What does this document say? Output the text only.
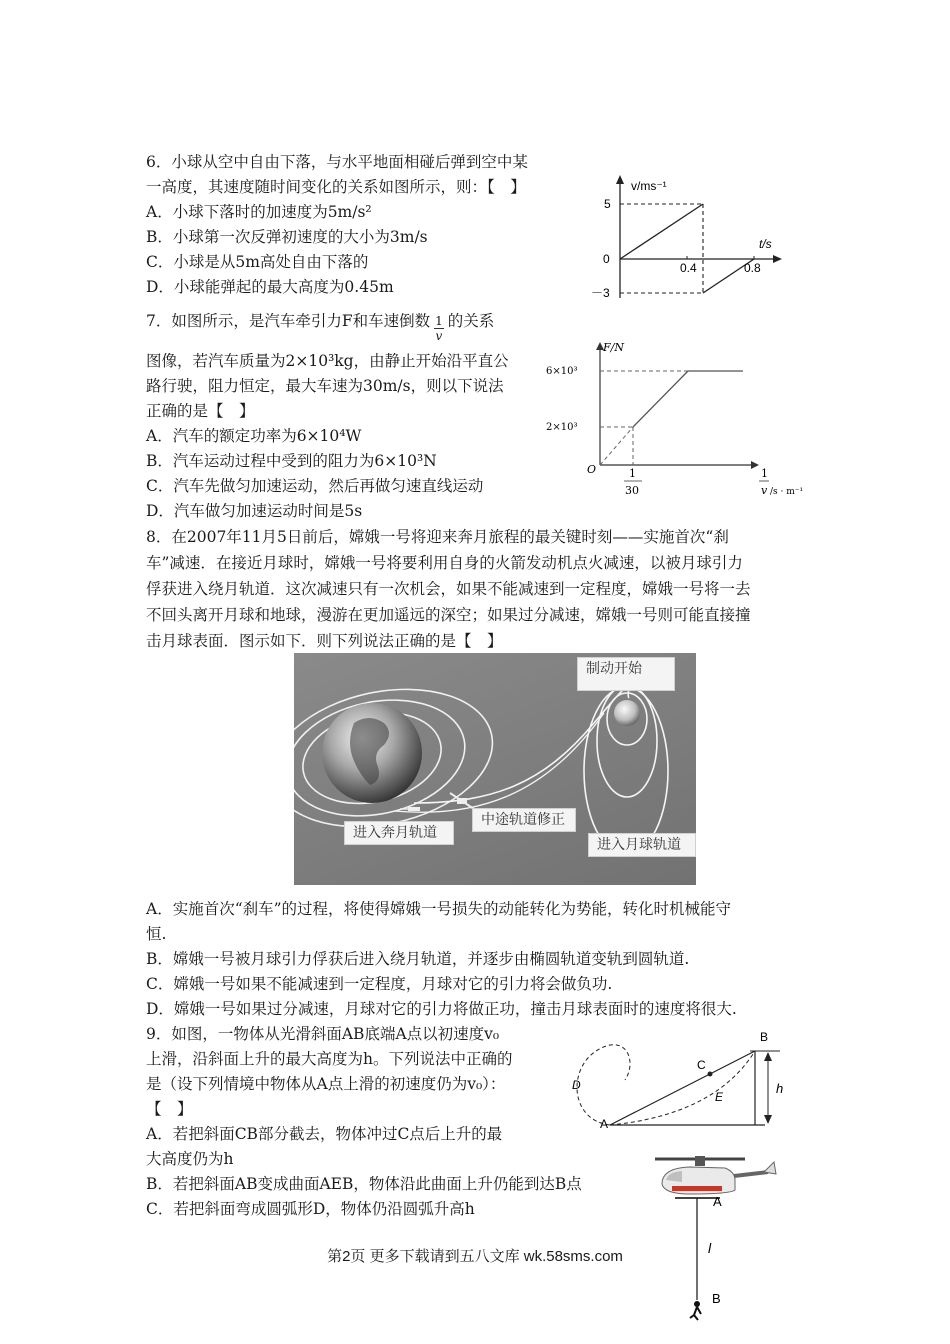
6．小球从空中自由下落，与水平地面相碰后弹到空中某
一高度，其速度随时间变化的关系如图所示，则：【　】
A．小球下落时的加速度为5m/s²
B．小球第一次反弹初速度的大小为3m/s
C．小球是从5m高处自由下落的
D．小球能弹起的最大高度为0.45m
v/ms⁻¹
t/s
0
5
－3
0.4	0.8
7．如图所示，是汽车牵引力F和车速倒数 $\frac{1}{v}$ 的关系
图像，若汽车质量为2×10³kg，由静止开始沿平直公
路行驶，阻力恒定，最大车速为30m/s，则以下说法
正确的是【　】
A．汽车的额定功率为6×10⁴W
B．汽车运动过程中受到的阻力为6×10³N
C．汽车先做匀加速运动，然后再做匀速直线运动
D．汽车做匀加速运动时间是5s
F/N
6×10³
2×10³
O	1
30
1
v /s · m⁻¹
8．在2007年11月5日前后，嫦娥一号将迎来奔月旅程的最关键时刻——实施首次“刹
车”减速．在接近月球时，嫦娥一号将要利用自身的火箭发动机点火减速，以被月球引力
俘获进入绕月轨道．这次减速只有一次机会，如果不能减速到一定程度，嫦娥一号将一去
不回头离开月球和地球，漫游在更加遥远的深空；如果过分减速，嫦娥一号则可能直接撞
击月球表面．图示如下．则下列说法正确的是【　】
制动开始
进入奔月轨道
中途轨道修正
进入月球轨道
A．实施首次“刹车”的过程，将使得嫦娥一号损失的动能转化为势能，转化时机械能守
恒.
B．嫦娥一号被月球引力俘获后进入绕月轨道，并逐步由椭圆轨道变轨到圆轨道.
C．嫦娥一号如果不能减速到一定程度，月球对它的引力将会做负功.
D．嫦娥一号如果过分减速，月球对它的引力将做正功，撞击月球表面时的速度将很大.
9．如图，一物体从光滑斜面AB底端A点以初速度v₀
上滑，沿斜面上升的最大高度为h。下列说法中正确的
是（设下列情境中物体从A点上滑的初速度仍为v₀）：
【　】
A．若把斜面CB部分截去，物体冲过C点后上升的最
大高度仍为h
B．若把斜面AB变成曲面AEB，物体沿此曲面上升仍能到达B点
C．若把斜面弯成圆弧形D，物体仍沿圆弧升高h
B
C
D
A
E
h
A
l
B
第2页 更多下载请到五八文库 wk.58sms.com
